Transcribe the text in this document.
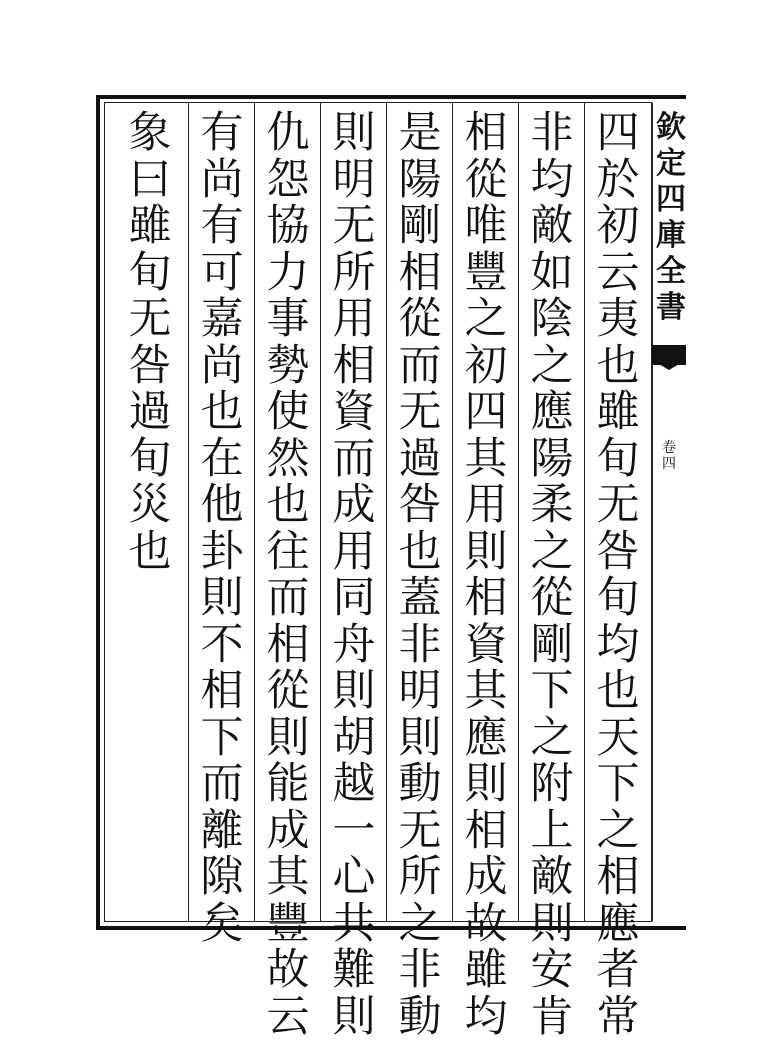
四
於
初
云
夷
也
雖
旬
无
咎
旬
均
也
天
下
之
相
應
者
常
非
均
敵
如
陰
之
應
陽
柔
之
從
剛
下
之
附
上
敵
則
安
肯
相
從
唯
豐
之
初
四
其
用
則
相
資
其
應
則
相
成
故
雖
均
是
陽
剛
相
從
而
无
過
咎
也
蓋
非
明
則
動
无
所
之
非
動
則
明
无
所
用
相
資
而
成
用
同
舟
則
胡
越
一
心
共
難
則
仇
怨
協
力
事
勢
使
然
也
往
而
相
從
則
能
成
其
豐
故
云
有
尚
有
可
嘉
尚
也
在
他
卦
則
不
相
下
而
離
隙
矣
象
曰
雖
旬
无
咎
過
旬
災
也
欽
定
四
庫
全
書
卷
四
